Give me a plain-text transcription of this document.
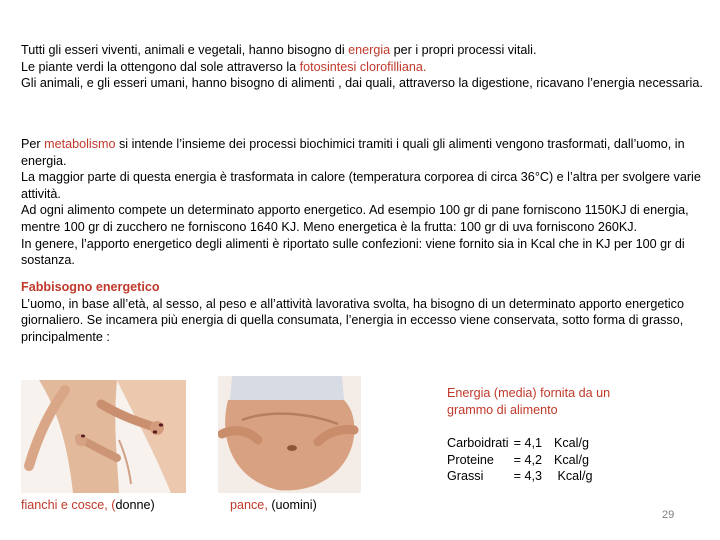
Tutti gli esseri viventi, animali e vegetali, hanno bisogno di energia per i propri processi vitali.

Le piante verdi la ottengono dal sole attraverso la fotosintesi clorofilliana.

Gli animali, e gli esseri umani, hanno bisogno di alimenti , dai quali, attraverso la digestione, ricavano l’energia necessaria.

Per metabolismo si intende l’insieme dei processi biochimici tramiti i quali gli alimenti vengono trasformati, dall’uomo, in energia.

La maggior parte di questa energia è trasformata in calore (temperatura corporea di circa 36°C) e l’altra per svolgere varie attività.

Ad ogni alimento compete un determinato apporto energetico. Ad esempio 100 gr di pane forniscono 1150KJ di energia, mentre 100 gr di zucchero ne forniscono 1640 KJ. Meno energetica è la frutta: 100 gr di uva forniscono 260KJ.

In genere, l’apporto energetico degli alimenti è riportato sulle confezioni: viene fornito sia in Kcal che in KJ per 100 gr di sostanza.

Fabbisogno energetico

L’uomo, in base all’età, al sesso, al peso e all’attività lavorativa svolta, ha bisogno di un determinato apporto energetico giornaliero. Se incamera più energia di quella consumata, l’energia in eccesso viene conservata, sotto forma di grasso, principalmente :

fianchi e cosce, (donne)	pance, (uomini)
Energia (media) fornita da un grammo di alimento
Carboidrati	= 4,1	Kcal/g
Proteine	= 4,2	Kcal/g
Grassi	= 4,3	Kcal/g
29
